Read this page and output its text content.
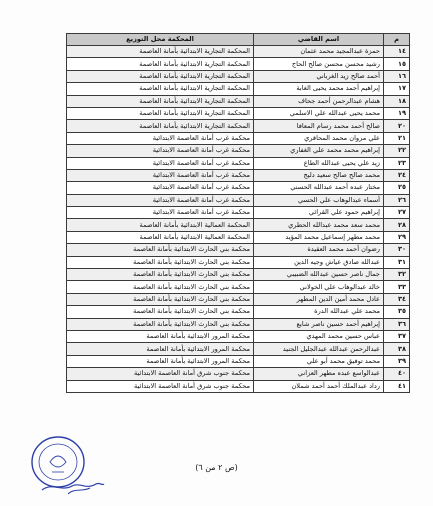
م	اسم القاضي	المحكمة محل التوزيع
١٤	حمزة عبدالمجيد محمد عثمان	المحكمة التجارية الابتدائية بأمانة العاصمة
١٥	رشيد محسن محسن صالح الحاج	المحكمة التجارية الابتدائية بأمانة العاصمة
١٦	أحمد صالح زيد الغرباني	المحكمة التجارية الابتدائية بأمانة العاصمة
١٧	إبراهيم أحمد محمد يحيى الغابة	المحكمة التجارية الابتدائية بأمانة العاصمة
١٨	هشام عبدالرحمن أحمد جحاف	المحكمة التجارية الابتدائية بأمانة العاصمة
١٩	محمد يحيى عبدالله علي الاسلمي	المحكمة التجارية الابتدائية بأمانة العاصمة
٢٠	صالح أحمد محمد رسام المعافا	المحكمة التجارية الابتدائية بأمانة العاصمة
٢١	علي مروان محمد المحاقري	محكمة غرب أمانة العاصمة الابتدائية
٢٢	إبراهيم محمد محمد علي الغفاري	محكمة غرب أمانة العاصمة الابتدائية
٢٣	زيد علي يحيى عبدالله الطاع	محكمة غرب أمانة العاصمة الابتدائية
٢٤	محمد صالح صالح سعيد دليج	محكمة غرب أمانة العاصمة الابتدائية
٢٥	مختار عبده أحمد عبدالله الحسني	محكمة غرب أمانة العاصمة الابتدائية
٢٦	أسماء عبدالوهاب علي الحسي	محكمة غرب أمانة العاصمة الابتدائية
٢٧	إبراهيم حمود علي القرائي	محكمة غرب أمانة العاصمة الابتدائية
٢٨	محمد سعد محمد عبدالله الحطري	المحكمة العمالية الابتدائية بأمانة العاصمة
٢٩	محمد مطهر إسماعيل محمد المؤيد	المحكمة العمالية الابتدائية بأمانة العاصمة
٣٠	رضوان أحمد محمد العقيدة	محكمة بني الحارث الابتدائية بأمانة العاصمة
٣١	عبدالله صادق عياش وجيه الدين	محكمة بني الحارث الابتدائية بأمانة العاصمة
٣٢	جمال ناصر حسين عبدالله الضبيبي	محكمة بني الحارث الابتدائية بأمانة العاصمة
٣٣	خالد عبدالوهاب علي الخولاني	محكمة بني الحارث الابتدائية بأمانة العاصمة
٣٤	عادل محمد أمين الدين المطهر	محكمة بني الحارث الابتدائية بأمانة العاصمة
٣٥	محمد علي عبدالله الدرة	محكمة بني الحارث الابتدائية بأمانة العاصمة
٣٦	إبراهيم أحمد حسين ناصر شايع	محكمة بني الحارث الابتدائية بأمانة العاصمة
٣٧	عباس حسين محمد المهدي	محكمة المرور الابتدائية بأمانة العاصمة
٣٨	عبدالرحمن عبدالله عبدالجليل الجنيد	محكمة المرور الابتدائية بأمانة العاصمة
٣٩	محمد توفيق محمد أبو علي	محكمة المرور الابتدائية بأمانة العاصمة
٤٠	عبدالواسع عبده مطهر العزاني	محكمة جنوب شرق أمانة العاصمة الابتدائية
٤١	رداد عبدالملك أحمد أحمد شملان	محكمة جنوب شرق أمانة العاصمة الابتدائية
(ص ٢ من ٦)
